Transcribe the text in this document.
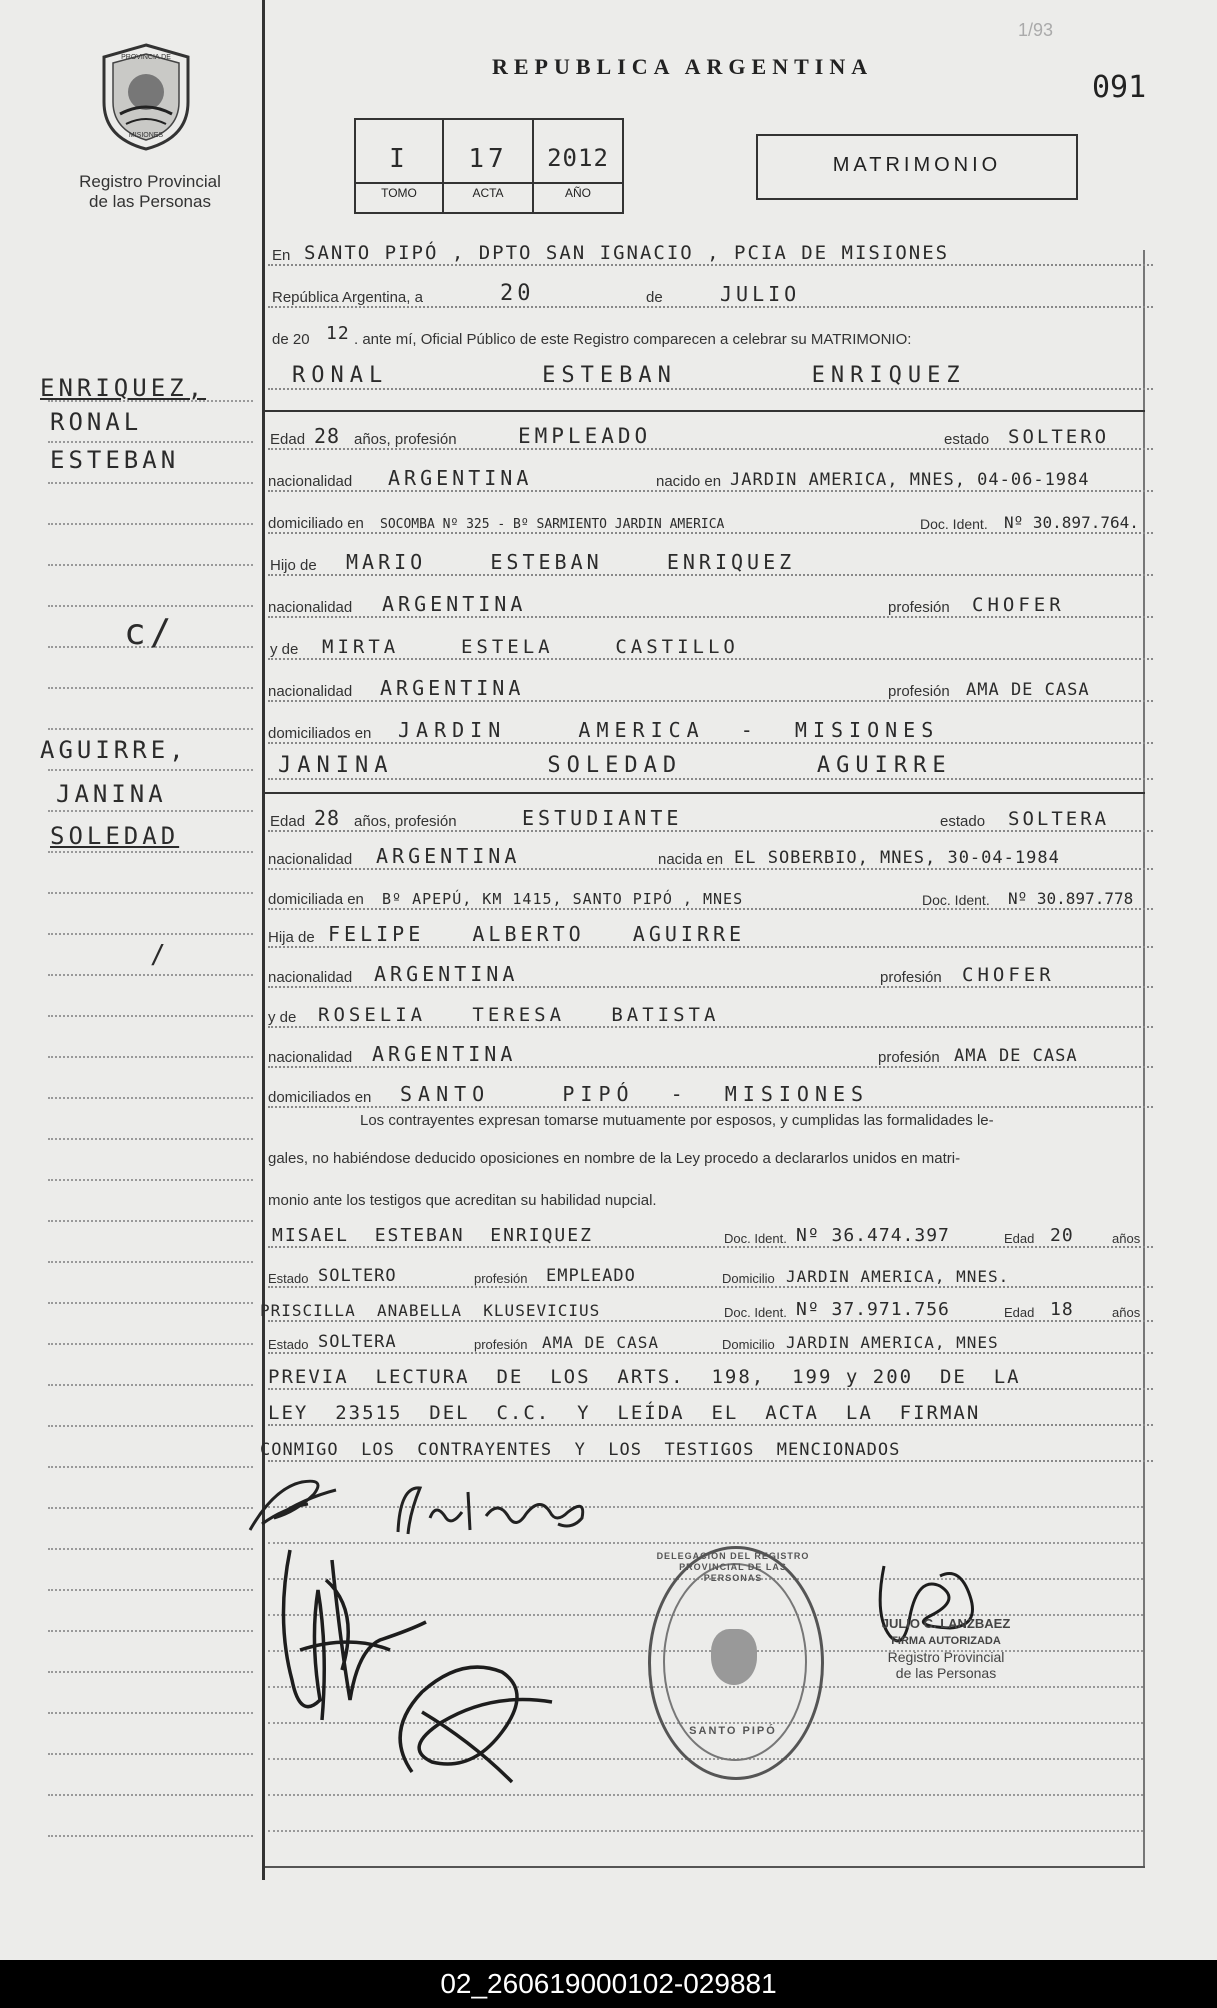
PROVINCIA DE
MISIONES
Registro Provincial
de las Personas
REPUBLICA ARGENTINA
091
1/93
I	17	2012
TOMO	ACTA	AÑO
MATRIMONIO
ENRIQUEZ,
RONAL
ESTEBAN
c/
AGUIRRE,
JANINA
SOLEDAD
/
En SANTO PIPÓ , DPTO SAN IGNACIO , PCIA DE MISIONES
República Argentina, a	20	de	JULIO
de 20 12 . ante mí, Oficial Público de este Registro comparecen a celebrar su MATRIMONIO:
RONAL        ESTEBAN       ENRIQUEZ
Edad 28 años, profesión	EMPLEADO	estado SOLTERO
nacionalidad ARGENTINA	nacido en JARDIN AMERICA, MNES, 04-06-1984
domiciliado en SOCOMBA Nº 325 - Bº SARMIENTO JARDIN AMERICA	Doc. Ident. Nº 30.897.764.
Hijo de MARIO    ESTEBAN    ENRIQUEZ
nacionalidad ARGENTINA	profesión CHOFER
y de MIRTA    ESTELA    CASTILLO
nacionalidad ARGENTINA	profesión AMA DE CASA
domiciliados en JARDIN    AMERICA  -  MISIONES
JANINA        SOLEDAD       AGUIRRE
Edad 28 años, profesión	ESTUDIANTE	estado SOLTERA
nacionalidad ARGENTINA	nacida en EL SOBERBIO, MNES, 30-04-1984
domiciliada en Bº APEPÚ, KM 1415, SANTO PIPÓ , MNES	Doc. Ident. Nº 30.897.778
Hija de FELIPE   ALBERTO   AGUIRRE
nacionalidad ARGENTINA	profesión CHOFER
y de ROSELIA   TERESA   BATISTA
nacionalidad ARGENTINA	profesión AMA DE CASA
domiciliados en SANTO    PIPÓ  -  MISIONES
Los contrayentes expresan tomarse mutuamente por esposos, y cumplidas las formalidades le-
gales, no habiéndose deducido oposiciones en nombre de la Ley procedo a declararlos unidos en matri-
monio ante los testigos que acreditan su habilidad nupcial.
MISAEL  ESTEBAN  ENRIQUEZ	Doc. Ident. Nº 36.474.397	Edad 20	años
Estado SOLTERO	profesión EMPLEADO	Domicilio JARDIN AMERICA, MNES.
PRISCILLA  ANABELLA  KLUSEVICIUS	Doc. Ident. Nº 37.971.756	Edad 18	años
Estado SOLTERA	profesión AMA DE CASA	Domicilio JARDIN AMERICA, MNES
PREVIA  LECTURA  DE  LOS  ARTS.  198,  199 y 200  DE  LA
LEY  23515  DEL  C.C.  Y  LEÍDA  EL  ACTA  LA  FIRMAN
CONMIGO  LOS  CONTRAYENTES  Y  LOS  TESTIGOS  MENCIONADOS
DELEGACION DEL REGISTRO PROVINCIAL DE LAS PERSONAS
SANTO PIPÓ
JULIO C. LANZBAEZ
FIRMA AUTORIZADA
Registro Provincial
de las Personas
02_260619000102-029881
